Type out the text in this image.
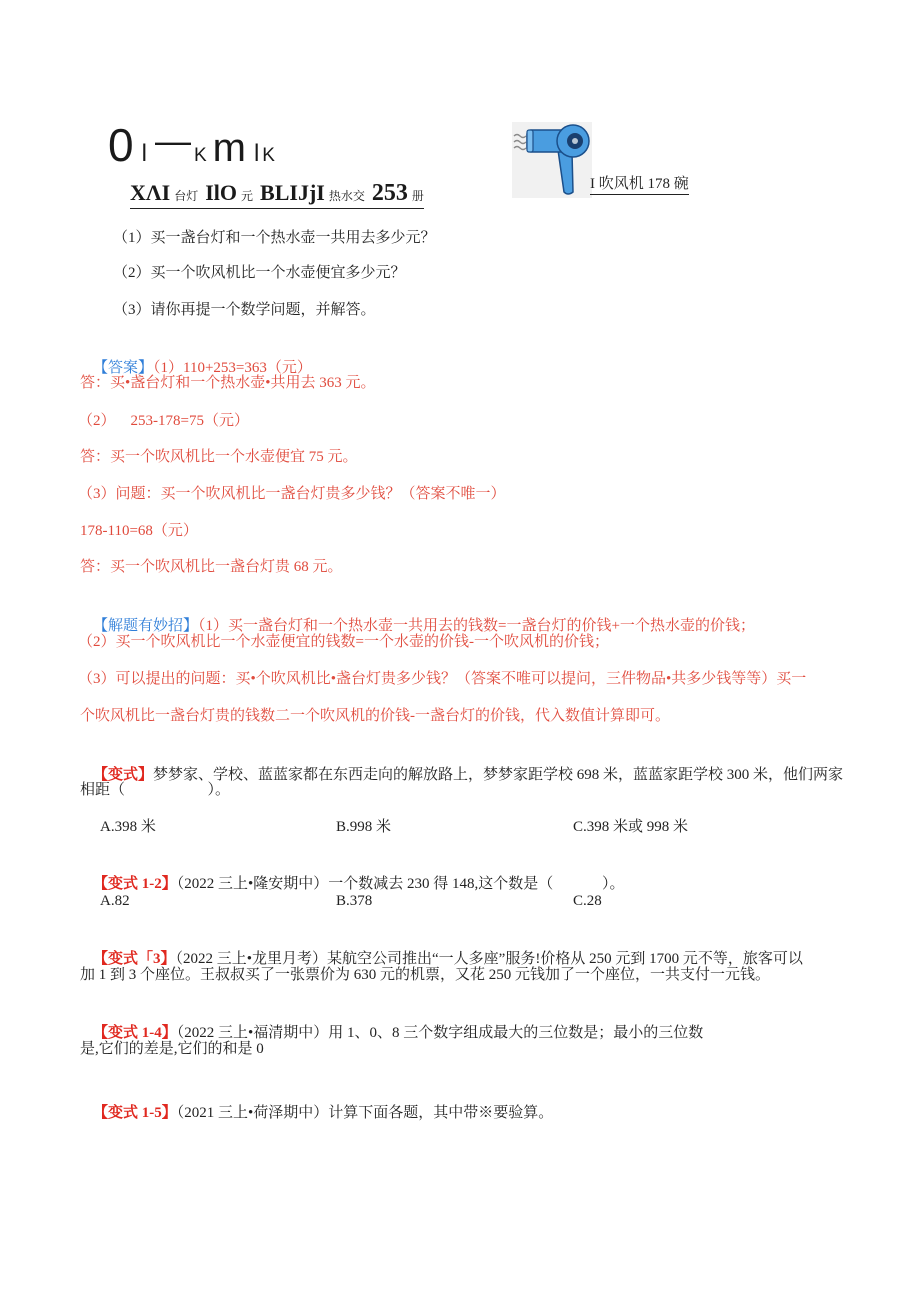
0 l — K m l K
XΛI 台灯 IlO 元 BLIJjI 热水交 253 册
I 吹风机 178 碗
（1）买一盏台灯和一个热水壶一共用去多少元？
（2）买一个吹风机比一个水壶便宜多少元？
（3）请你再提一个数学问题，并解答。

【答案】（1）110+253=363（元）

答：买•盏台灯和一个热水壶•共用去 363 元。
（2）    253-178=75（元）
答：买一个吹风机比一个水壶便宜 75 元。
（3）问题：买一个吹风机比一盏台灯贵多少钱？（答案不唯一）
178-110=68（元）
答：买一个吹风机比一盏台灯贵 68 元。

【解题有妙招】（1）买一盏台灯和一个热水壶一共用去的钱数=一盏台灯的价钱+一个热水壶的价钱；

（2）买一个吹风机比一个水壶便宜的钱数=一个水壶的价钱-一个吹风机的价钱；
（3）可以提出的问题：买•个吹风机比•盏台灯贵多少钱？（答案不唯可以提问，三件物品•共多少钱等等）买一
个吹风机比一盏台灯贵的钱数二一个吹风机的价钱-一盏台灯的价钱，代入数值计算即可。

【变式】梦梦家、学校、蓝蓝家都在东西走向的解放路上，梦梦家距学校 698 米，蓝蓝家距学校 300 米，他们两家

相距（                      ）。
A.398 米	B.998 米	C.398 米或 998 米

【变式 1-2】（2022 三上•隆安期中）一个数减去 230 得 148,这个数是（             ）。

A.82	B.378	C.28

【变式「3】（2022 三上•龙里月考）某航空公司推出“一人多座”服务!价格从 250 元到 1700 元不等，旅客可以

加 1 到 3 个座位。王叔叔买了一张票价为 630 元的机票，又花 250 元钱加了一个座位，一共支付一元钱。

【变式 1-4】（2022 三上•福清期中）用 1、0、8 三个数字组成最大的三位数是；最小的三位数

是,它们的差是,它们的和是 0

【变式 1-5】（2021 三上•荷泽期中）计算下面各题，其中带※要验算。
